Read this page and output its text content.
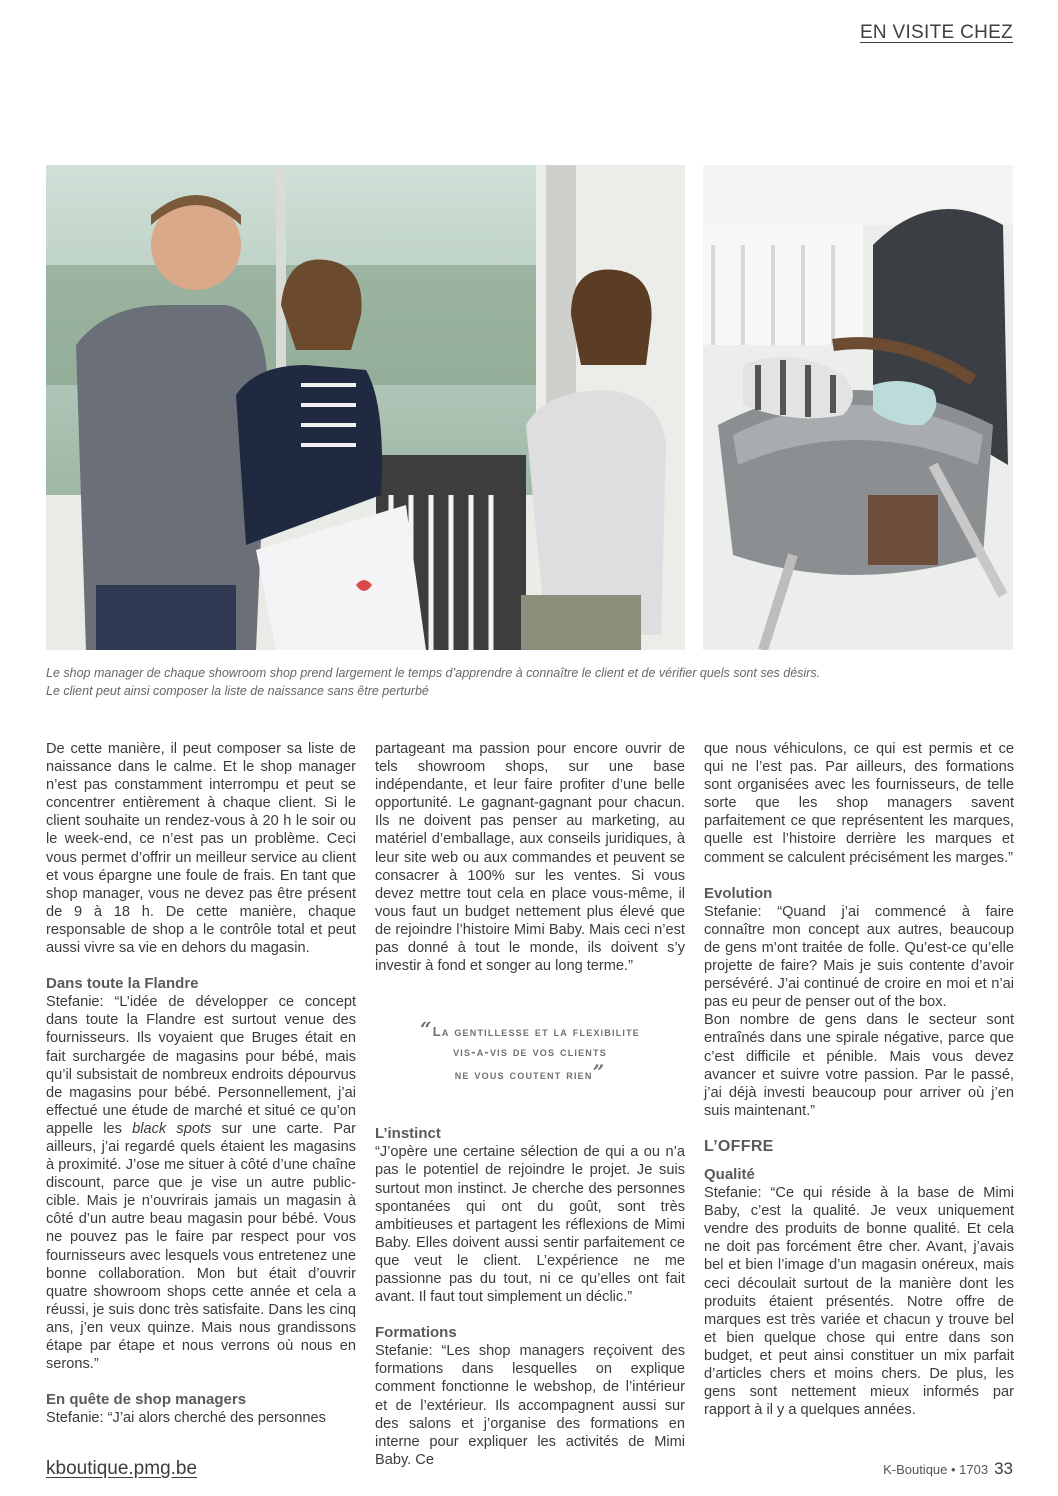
EN VISITE CHEZ

Le shop manager de chaque showroom shop prend largement le temps d’apprendre à connaître le client et de vérifier quels sont ses désirs.

Le client peut ainsi composer la liste de naissance sans être perturbé

De cette manière, il peut composer sa liste de naissance dans le calme. Et le shop manager n’est pas constamment interrompu et peut se concentrer entièrement à chaque client. Si le client souhaite un rendez-vous à 20 h le soir ou le week-end, ce n’est pas un problème. Ceci vous permet d’offrir un meilleur service au client et vous épargne une foule de frais. En tant que shop manager, vous ne devez pas être présent de 9 à 18 h. De cette manière, chaque responsable de shop a le contrôle total et peut aussi vivre sa vie en dehors du magasin.

Dans toute la Flandre

Stefanie: “L’idée de développer ce concept dans toute la Flandre est surtout venue des fournisseurs. Ils voyaient que Bruges était en fait surchargée de magasins pour bébé, mais qu’il subsistait de nombreux endroits dépourvus de magasins pour bébé. Personnellement, j’ai effectué une étude de marché et situé ce qu’on appelle les black spots sur une carte. Par ailleurs, j’ai regardé quels étaient les magasins à proximité. J’ose me situer à côté d’une chaîne discount, parce que je vise un autre public-cible. Mais je n’ouvrirais jamais un magasin à côté d’un autre beau magasin pour bébé. Vous ne pouvez pas le faire par respect pour vos fournisseurs avec lesquels vous entretenez une bonne collaboration. Mon but était d’ouvrir quatre showroom shops cette année et cela a réussi, je suis donc très satisfaite. Dans les cinq ans, j’en veux quinze. Mais nous grandissons étape par étape et nous verrons où nous en serons.”

En quête de shop managers

Stefanie: “J’ai alors cherché des personnes

partageant ma passion pour encore ouvrir de tels showroom shops, sur une base indépendante, et leur faire profiter d’une belle opportunité. Le gagnant-gagnant pour chacun. Ils ne doivent pas penser au marketing, au matériel d’emballage, aux conseils juridiques, à leur site web ou aux commandes et peuvent se consacrer à 100% sur les ventes. Si vous devez mettre tout cela en place vous-même, il vous faut un budget nettement plus élevé que de rejoindre l’histoire Mimi Baby. Mais ceci n’est pas donné à tout le monde, ils doivent s’y investir à fond et songer au long terme.”

“La gentillesse et la flexibilite
vis-a-vis de vos clients
ne vous coutent rien”
L’instinct

“J’opère une certaine sélection de qui a ou n’a pas le potentiel de rejoindre le projet. Je suis surtout mon instinct. Je cherche des personnes spontanées qui ont du goût, sont très ambitieuses et partagent les réflexions de Mimi Baby. Elles doivent aussi sentir parfaitement ce que veut le client. L’expérience ne me passionne pas du tout, ni ce qu’elles ont fait avant. Il faut tout simplement un déclic.”

Formations

Stefanie: “Les shop managers reçoivent des formations dans lesquelles on explique comment fonctionne le webshop, de l’intérieur et de l’extérieur. Ils accompagnent aussi sur des salons et j’organise des formations en interne pour expliquer les activités de Mimi Baby. Ce

que nous véhiculons, ce qui est permis et ce qui ne l’est pas. Par ailleurs, des formations sont organisées avec les fournisseurs, de telle sorte que les shop managers savent parfaitement ce que représentent les marques, quelle est l’histoire derrière les marques et comment se calculent précisément les marges.”

Evolution

Stefanie: “Quand j’ai commencé à faire connaître mon concept aux autres, beaucoup de gens m’ont traitée de folle. Qu’est-ce qu’elle projette de faire? Mais je suis contente d’avoir persévéré. J’ai continué de croire en moi et n’ai pas eu peur de penser out of the box.

Bon nombre de gens dans le secteur sont entraînés dans une spirale négative, parce que c’est difficile et pénible. Mais vous devez avancer et suivre votre passion. Par le passé, j’ai déjà investi beaucoup pour arriver où j’en suis maintenant.”

L’OFFRE
Qualité

Stefanie: “Ce qui réside à la base de Mimi Baby, c’est la qualité. Je veux uniquement vendre des produits de bonne qualité. Et cela ne doit pas forcément être cher. Avant, j’avais bel et bien l’image d’un magasin onéreux, mais ceci découlait surtout de la manière dont les produits étaient présentés. Notre offre de marques est très variée et chacun y trouve bel et bien quelque chose qui entre dans son budget, et peut ainsi constituer un mix parfait d’articles chers et moins chers. De plus, les gens sont nettement mieux informés par rapport à il y a quelques années.

kboutique.pmg.be	K-Boutique • 1703 33
